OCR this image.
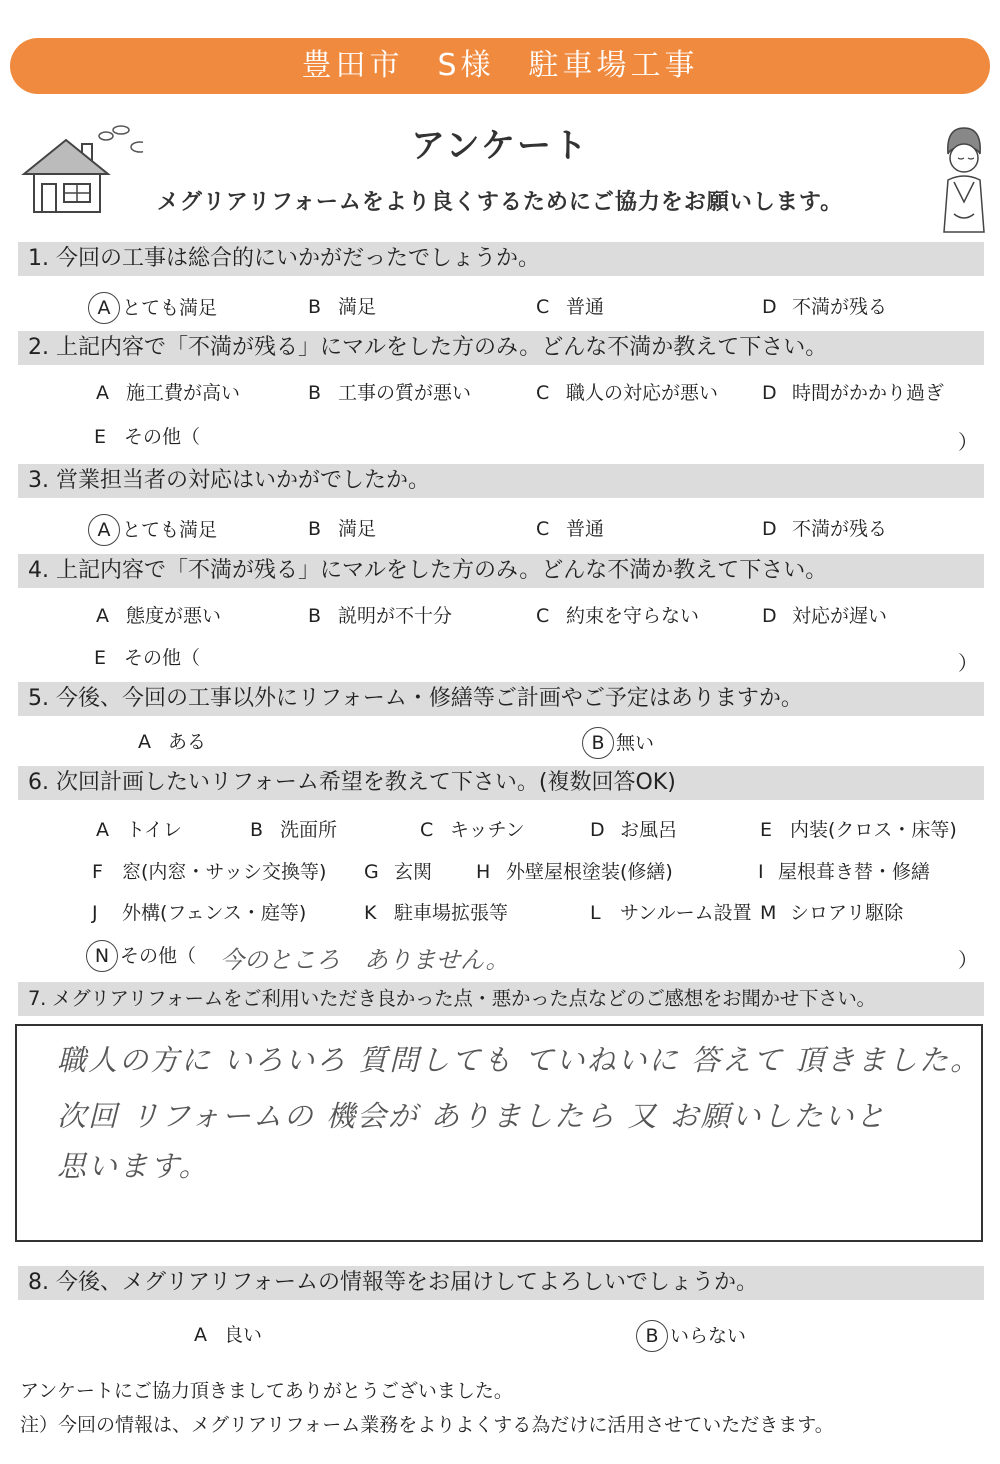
豊田市　S様　駐車場工事
アンケート
メグリアリフォームをより良くするためにご協力をお願いします。
1. 今回の工事は総合的にいかがだったでしょうか。
A とても満足	B 満足	C 普通	D 不満が残る
2. 上記内容で「不満が残る」にマルをした方のみ。どんな不満か教えて下さい。
A 施工費が高い	B 工事の質が悪い	C 職人の対応が悪い D 時間がかかり過ぎ
E その他（	）
3. 営業担当者の対応はいかがでしたか。
A とても満足	B 満足	C 普通	D 不満が残る
4. 上記内容で「不満が残る」にマルをした方のみ。どんな不満か教えて下さい。
A 態度が悪い	B 説明が不十分	C 約束を守らない	D 対応が遅い
E その他（	）
5. 今後、今回の工事以外にリフォーム・修繕等ご計画やご予定はありますか。
A ある	B 無い
6. 次回計画したいリフォーム希望を教えて下さい。(複数回答OK)
A トイレ	B 洗面所	C キッチン	D お風呂	E 内装(クロス・床等)
F 窓(内窓・サッシ交換等) G 玄関 H 外壁屋根塗装(修繕)	I 屋根葺き替・修繕
J 外構(フェンス・庭等)	K 駐車場拡張等	L サンルーム設置 M シロアリ駆除
N その他（ 今のところ　ありません。	）
7. メグリアリフォームをご利用いただき良かった点・悪かった点などのご感想をお聞かせ下さい。
職人の方に いろいろ 質問しても ていねいに 答えて 頂きました。
次回 リフォームの 機会が ありましたら 又 お願いしたいと
思います。
8. 今後、メグリアリフォームの情報等をお届けしてよろしいでしょうか。
A 良い	B いらない
アンケートにご協力頂きましてありがとうございました。
注）今回の情報は、メグリアリフォーム業務をよりよくする為だけに活用させていただきます。
